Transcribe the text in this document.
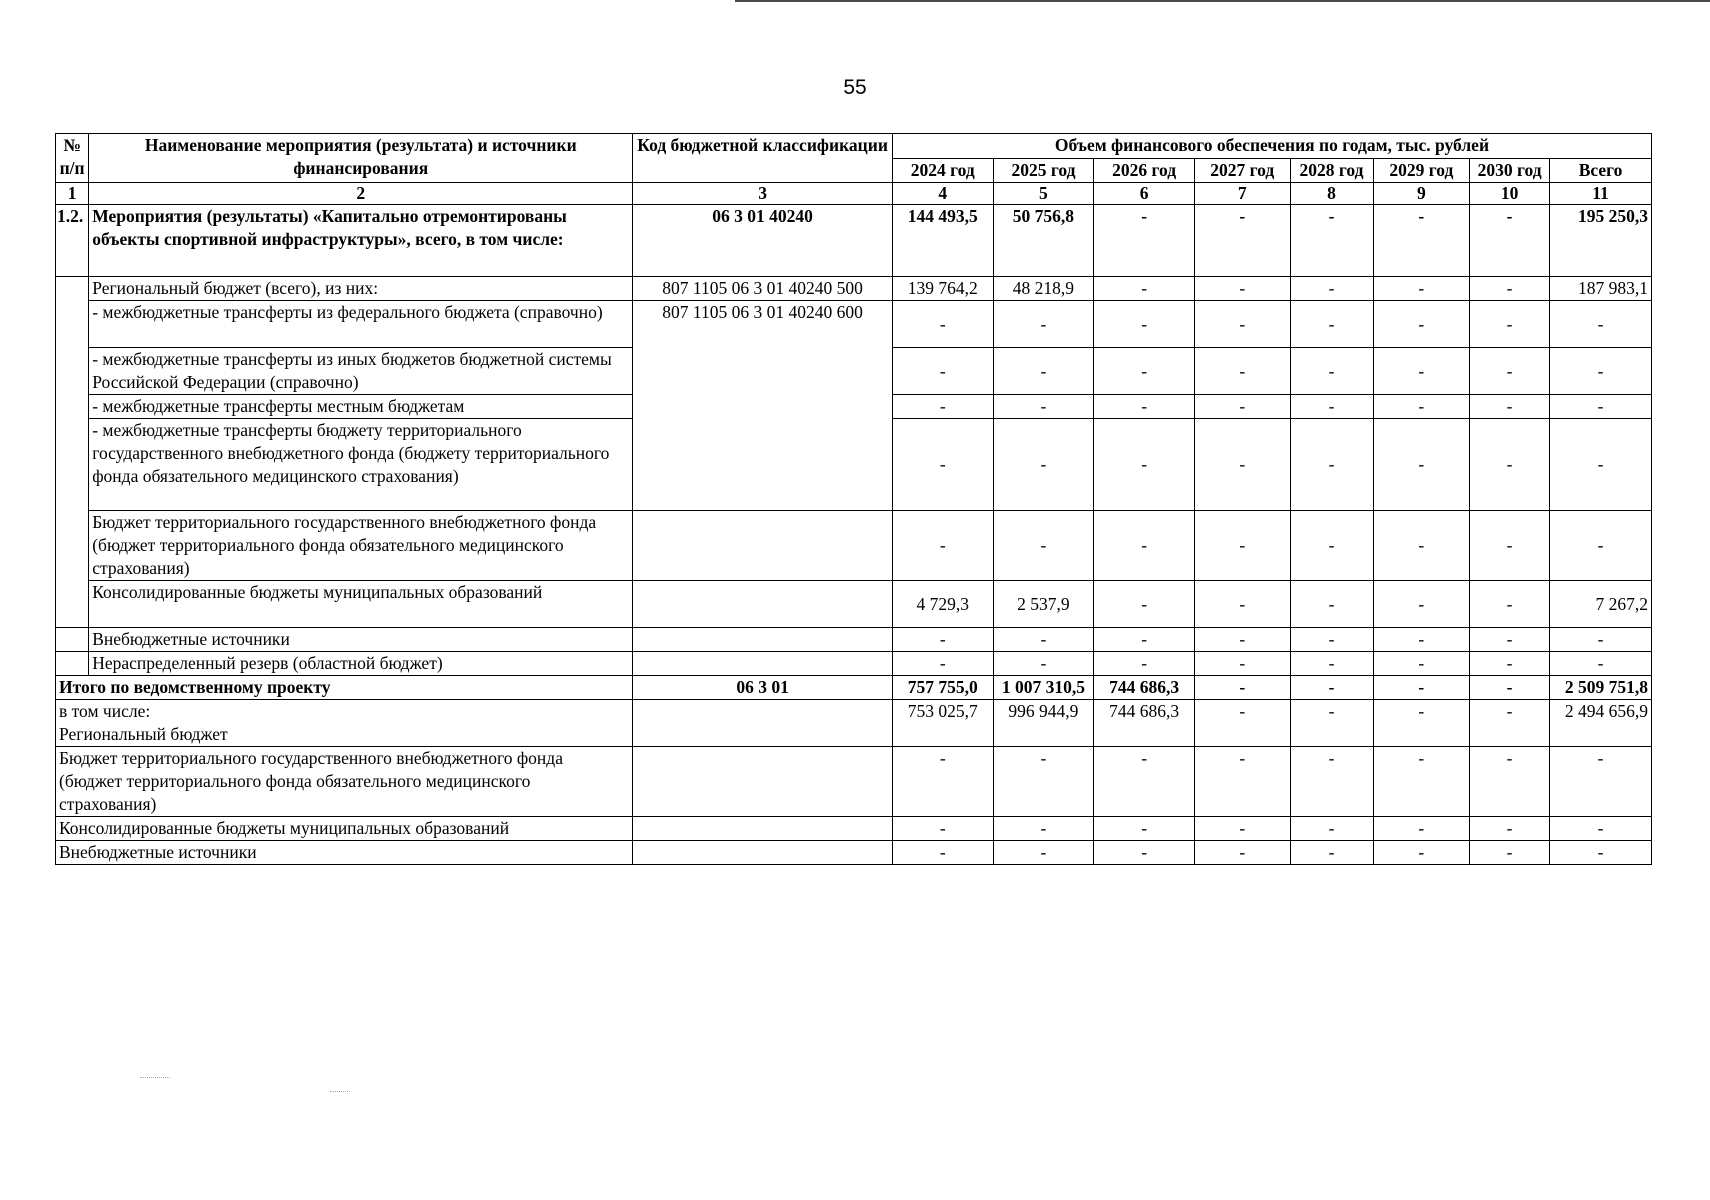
55
№ п/п	Наименование мероприятия (результата) и источники финансирования	Код бюджетной классификации	Объем финансового обеспечения по годам, тыс. рублей							
			2024 год	2025 год	2026 год	2027 год	2028 год	2029 год	2030 год	Всего
1	2	3	4	5	6	7	8	9	10	11
1.2.	Мероприятия (результаты) «Капитально отремонтированы объекты спортивной инфраструктуры», всего, в том числе:	06 3 01 40240	144 493,5	50 756,8	-	-	-	-	-	195 250,3
	Региональный бюджет (всего), из них:	807 1105 06 3 01 40240 500	139 764,2	48 218,9	-	-	-	-	-	187 983,1
	- межбюджетные трансферты из федерального бюджета (справочно)	807 1105 06 3 01 40240 600	-	-	-	-	-	-	-	-
	- межбюджетные трансферты из иных бюджетов бюджетной системы Российской Федерации (справочно)		-	-	-	-	-	-	-	-
	- межбюджетные трансферты местным бюджетам		-	-	-	-	-	-	-	-
	- межбюджетные трансферты бюджету территориального государственного внебюджетного фонда (бюджету территориального фонда обязательного медицинского страхования)		-	-	-	-	-	-	-	-
	Бюджет территориального государственного внебюджетного фонда (бюджет территориального фонда обязательного медицинского страхования)		-	-	-	-	-	-	-	-
	Консолидированные бюджеты муниципальных образований		4 729,3	2 537,9	-	-	-	-	-	7 267,2
	Внебюджетные источники		-	-	-	-	-	-	-	-
	Нераспределенный резерв (областной бюджет)		-	-	-	-	-	-	-	-
Итого по ведомственному проекту		06 3 01	757 755,0	1 007 310,5	744 686,3	-	-	-	-	2 509 751,8
в том числе:
Региональный бюджет			753 025,7	996 944,9	744 686,3	-	-	-	-	2 494 656,9
Бюджет территориального государственного внебюджетного фонда (бюджет территориального фонда обязательного медицинского страхования)			-	-	-	-	-	-	-	-
Консолидированные бюджеты муниципальных образований			-	-	-	-	-	-	-	-
Внебюджетные источники			-	-	-	-	-	-	-	-
